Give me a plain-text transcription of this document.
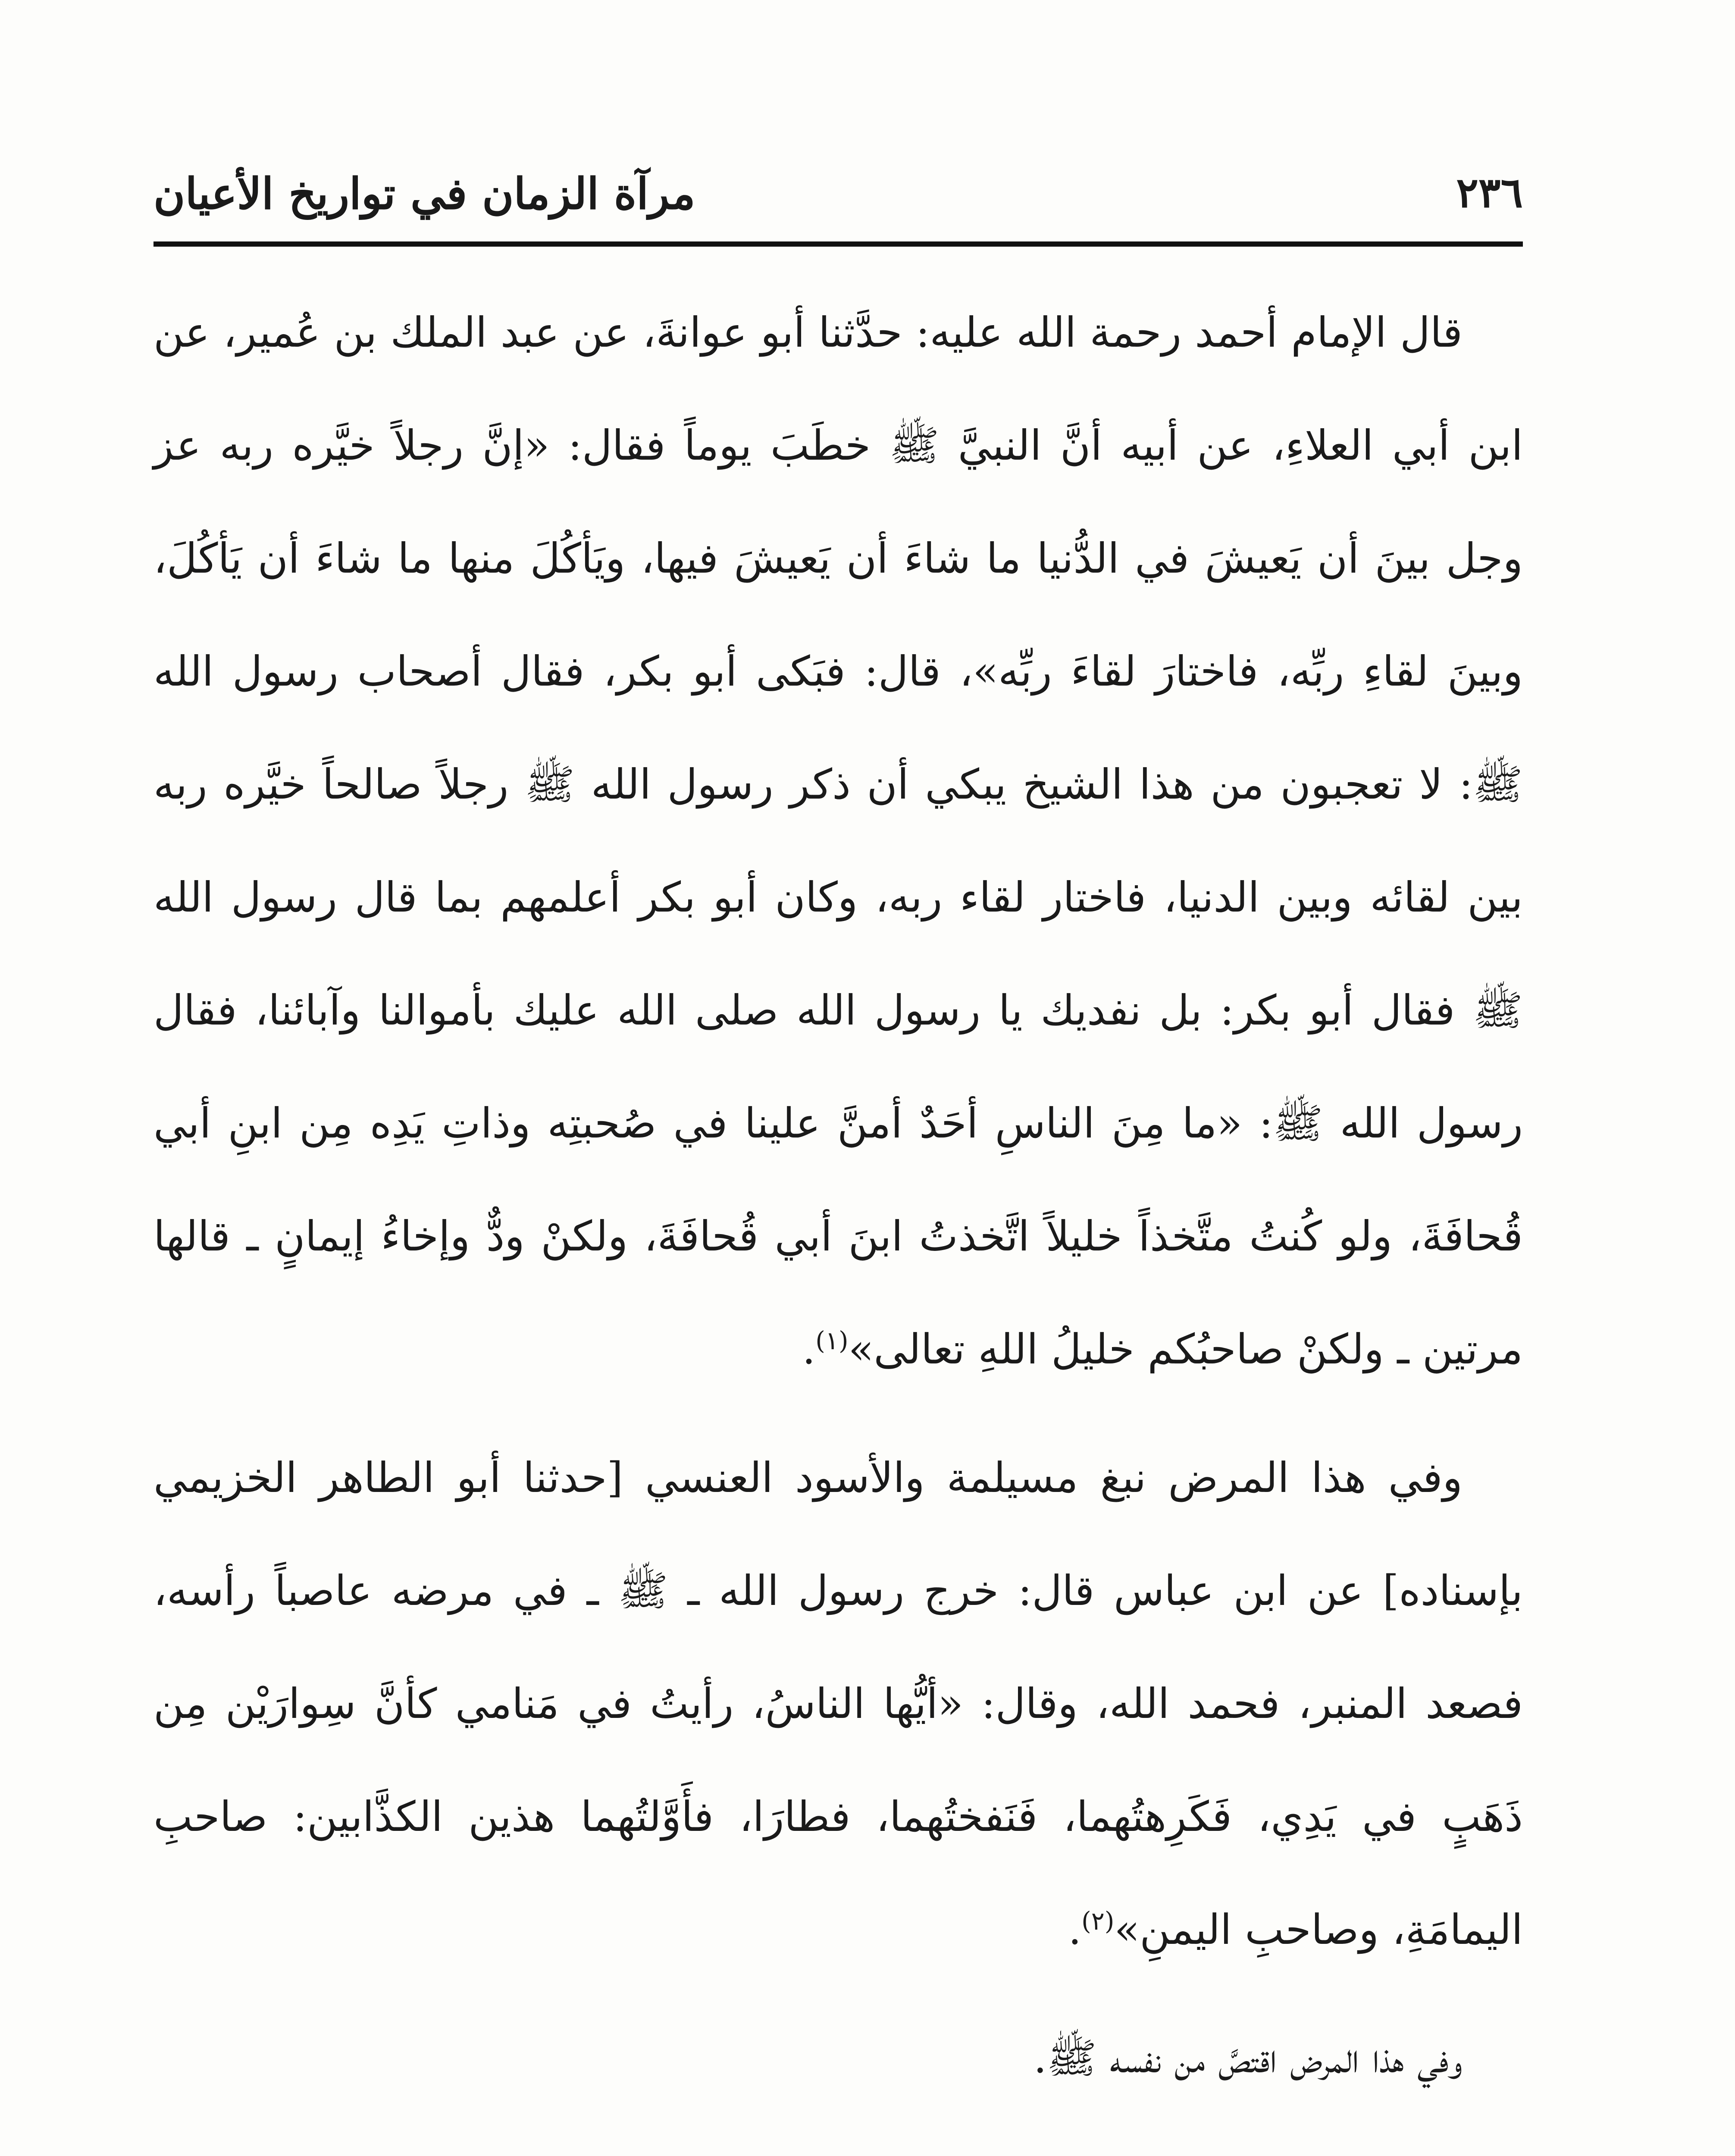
٢٣٦
مرآة الزمان في تواريخ الأعيان

قال الإمام أحمد رحمة الله عليه: حدَّثنا أبو عوانةَ، عن عبد الملك بن عُمير، عن ابن أبي العلاءِ، عن أبيه أنَّ النبيَّ ﷺ خطَبَ يوماً فقال: «إنَّ رجلاً خيَّره ربه عز وجل بينَ أن يَعيشَ في الدُّنيا ما شاءَ أن يَعيشَ فيها، ويَأكُلَ منها ما شاءَ أن يَأكُلَ، وبينَ لقاءِ ربِّه، فاختارَ لقاءَ ربِّه»، قال: فبَكى أبو بكر، فقال أصحاب رسول الله ﷺ: لا تعجبون من هذا الشيخ يبكي أن ذكر رسول الله ﷺ رجلاً صالحاً خيَّره ربه بين لقائه وبين الدنيا، فاختار لقاء ربه، وكان أبو بكر أعلمهم بما قال رسول الله ﷺ فقال أبو بكر: بل نفديك يا رسول الله صلى الله عليك بأموالنا وآبائنا، فقال رسول الله ﷺ: «ما مِنَ الناسِ أحَدٌ أمنَّ علينا في صُحبتِه وذاتِ يَدِه مِن ابنِ أبي قُحافَةَ، ولو كُنتُ متَّخذاً خليلاً اتَّخذتُ ابنَ أبي قُحافَةَ، ولكنْ ودٌّ وإخاءُ إيمانٍ ـ قالها مرتين ـ ولكنْ صاحبُكم خليلُ اللهِ تعالى»$^{(١)}$.

وفي هذا المرض نبغ مسيلمة والأسود العنسي [حدثنا أبو الطاهر الخزيمي بإسناده] عن ابن عباس قال: خرج رسول الله ـ ﷺ ـ في مرضه عاصباً رأسه، فصعد المنبر، فحمد الله، وقال: «أيُّها الناسُ، رأيتُ في مَنامي كأنَّ سِوارَيْن مِن ذَهَبٍ في يَدِي، فَكَرِهتُهما، فَنَفختُهما، فطارَا، فأَوَّلتُهما هذين الكذَّابين: صاحبِ اليمامَةِ، وصاحبِ اليمنِ»$^{(٢)}$.

وفي هذا المرض اقتصَّ من نفسه ﷺ.
